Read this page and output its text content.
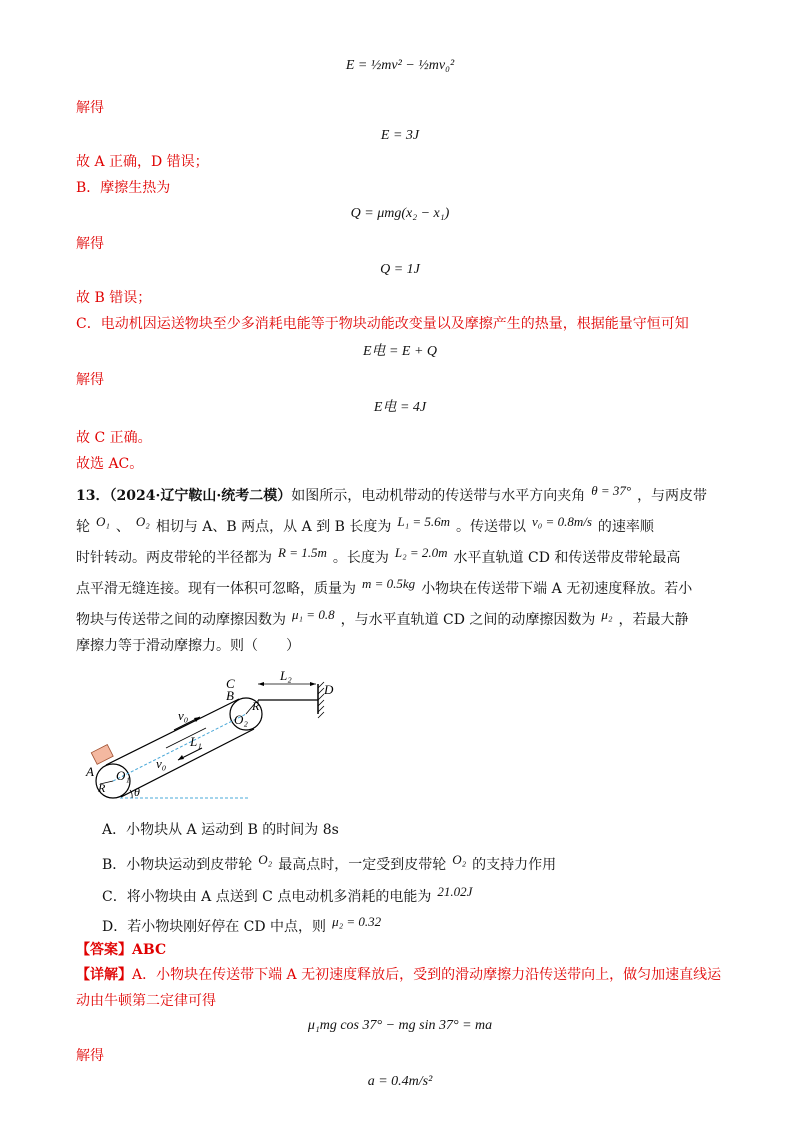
E = ½mv² − ½mv₀²
解得
E = 3J
故 A 正确，D 错误；
B．摩擦生热为
Q = μmg(x₂ − x₁)
解得
Q = 1J
故 B 错误；
C．电动机因运送物块至少多消耗电能等于物块动能改变量以及摩擦产生的热量，根据能量守恒可知
E电 = E + Q
解得
E电 = 4J
故 C 正确。
故选 AC。
13．（2024·辽宁鞍山·统考二模）如图所示，电动机带动的传送带与水平方向夹角 θ = 37° ，与两皮带
轮 O₁ 、 O₂ 相切与 A、B 两点，从 A 到 B 长度为 L₁ = 5.6m 。传送带以 v₀ = 0.8m/s 的速率顺
时针转动。两皮带轮的半径都为 R = 1.5m 。长度为 L₂ = 2.0m 水平直轨道 CD 和传送带皮带轮最高
点平滑无缝连接。现有一体积可忽略，质量为 m = 0.5kg 小物块在传送带下端 A 无初速度释放。若小
物块与传送带之间的动摩擦因数为 μ₁ = 0.8 ，与水平直轨道 CD 之间的动摩擦因数为 μ₂ ，若最大静
摩擦力等于滑动摩擦力。则（　　）
C
B
L₂
D
v₀
R
O₂
L₁
A O₁
v₀
R θ
A．小物块从 A 运动到 B 的时间为 8s
B．小物块运动到皮带轮 O₂ 最高点时，一定受到皮带轮 O₂ 的支持力作用
C．将小物块由 A 点送到 C 点电动机多消耗的电能为 21.02J
D．若小物块刚好停在 CD 中点，则 μ₂ = 0.32
【答案】ABC
【详解】A．小物块在传送带下端 A 无初速度释放后，受到的滑动摩擦力沿传送带向上，做匀加速直线运动由牛顿第二定律可得
μ₁mg cos 37° − mg sin 37° = ma
解得
a = 0.4m/s²
